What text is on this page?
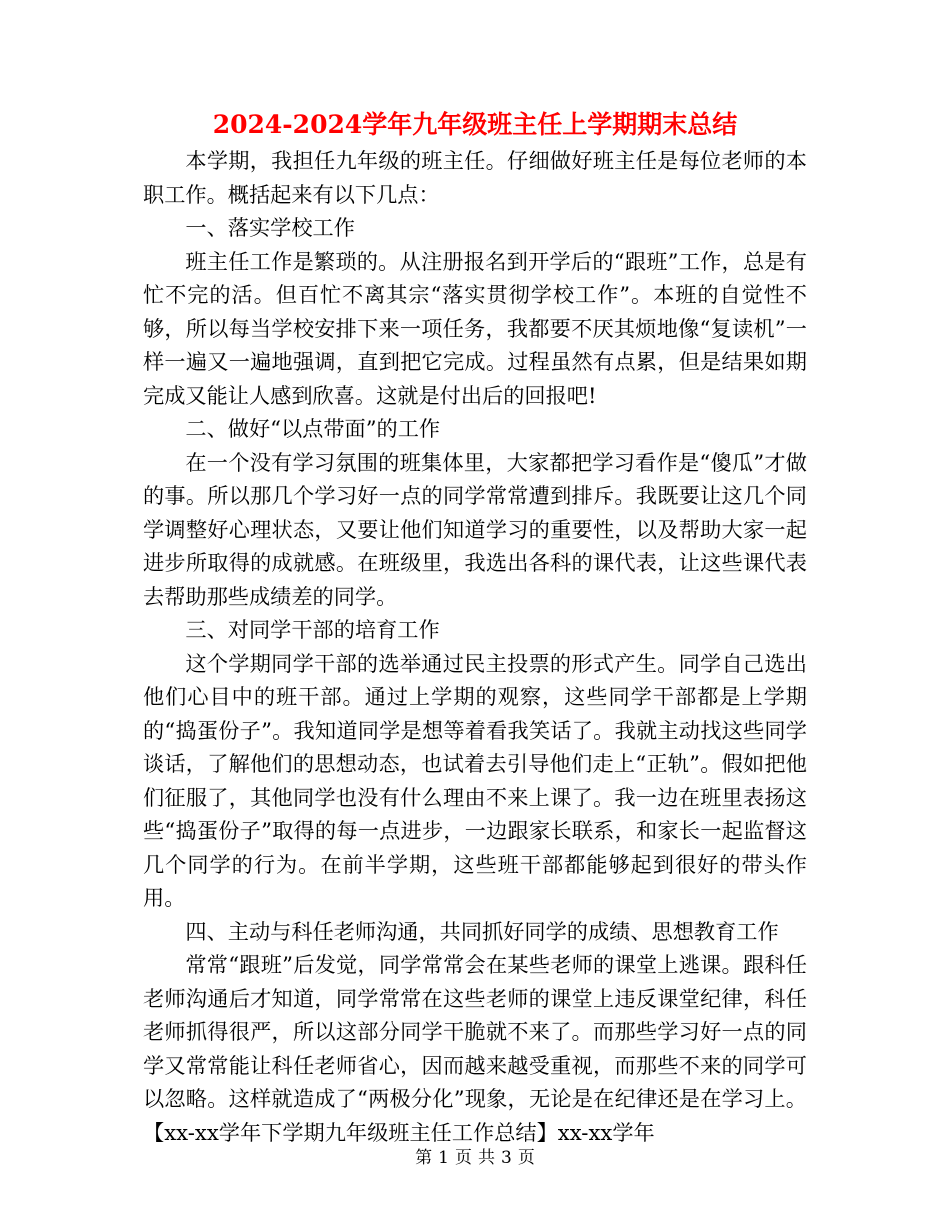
2024-2024学年九年级班主任上学期期末总结

本学期，我担任九年级的班主任。仔细做好班主任是每位老师的本职工作。概括起来有以下几点：

一、落实学校工作

班主任工作是繁琐的。从注册报名到开学后的“跟班”工作，总是有忙不完的活。但百忙不离其宗“落实贯彻学校工作”。本班的自觉性不够，所以每当学校安排下来一项任务，我都要不厌其烦地像“复读机”一样一遍又一遍地强调，直到把它完成。过程虽然有点累，但是结果如期完成又能让人感到欣喜。这就是付出后的回报吧!

二、做好“以点带面”的工作

在一个没有学习氛围的班集体里，大家都把学习看作是“傻瓜”才做的事。所以那几个学习好一点的同学常常遭到排斥。我既要让这几个同学调整好心理状态，又要让他们知道学习的重要性，以及帮助大家一起进步所取得的成就感。在班级里，我选出各科的课代表，让这些课代表去帮助那些成绩差的同学。

三、对同学干部的培育工作

这个学期同学干部的选举通过民主投票的形式产生。同学自己选出他们心目中的班干部。通过上学期的观察，这些同学干部都是上学期的“捣蛋份子”。我知道同学是想等着看我笑话了。我就主动找这些同学谈话，了解他们的思想动态，也试着去引导他们走上“正轨”。假如把他们征服了，其他同学也没有什么理由不来上课了。我一边在班里表扬这些“捣蛋份子”取得的每一点进步，一边跟家长联系，和家长一起监督这几个同学的行为。在前半学期，这些班干部都能够起到很好的带头作用。

四、主动与科任老师沟通，共同抓好同学的成绩、思想教育工作

常常“跟班”后发觉，同学常常会在某些老师的课堂上逃课。跟科任老师沟通后才知道，同学常常在这些老师的课堂上违反课堂纪律，科任老师抓得很严，所以这部分同学干脆就不来了。而那些学习好一点的同学又常常能让科任老师省心，因而越来越受重视，而那些不来的同学可以忽略。这样就造成了“两极分化”现象，无论是在纪律还是在学习上。【xx-xx学年下学期九年级班主任工作总结】xx-xx学年

第 1 页 共 3 页
